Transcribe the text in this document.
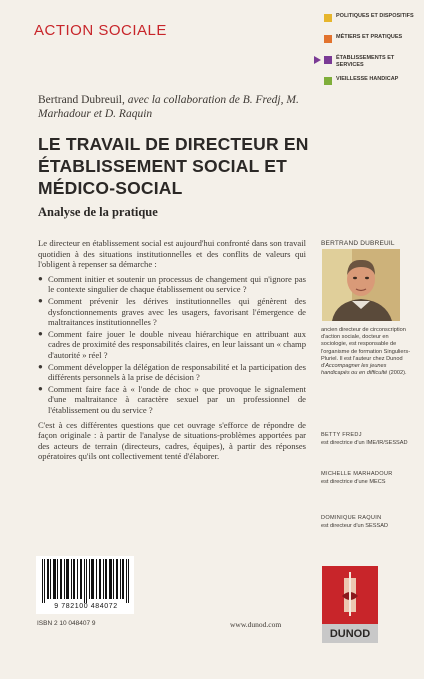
ACTION SOCIALE
POLITIQUES ET DISPOSITIFS
MÉTIERS ET PRATIQUES
ÉTABLISSEMENTS ET SERVICES
VIEILLESSE HANDICAP
Bertrand Dubreuil, avec la collaboration de B. Fredj, M. Marhadour et D. Raquin
LE TRAVAIL DE DIRECTEUR EN ÉTABLISSEMENT SOCIAL ET MÉDICO-SOCIAL
Analyse de la pratique

Le directeur en établissement social est aujourd'hui confronté dans son travail quotidien à des situations institutionnelles et des conflits de valeurs qui l'obligent à repenser sa démarche :

● Comment initier et soutenir un processus de changement qui n'ignore pas le contexte singulier de chaque établissement ou service ?
● Comment prévenir les dérives institutionnelles qui génèrent des dysfonctionnements graves avec les usagers, favorisant l'émergence de maltraitances institutionnelles ?
● Comment faire jouer le double niveau hiérarchique en attribuant aux cadres de proximité des responsabilités claires, en leur laissant un « champ d'autorité » réel ?
● Comment développer la délégation de responsabilité et la participation des différents personnels à la prise de décision ?
● Comment faire face à « l'onde de choc » que provoque le signalement d'une maltraitance à caractère sexuel par un professionnel de l'établissement ou du service ?

C'est à ces différentes questions que cet ouvrage s'efforce de répondre de façon originale : à partir de l'analyse de situations-problèmes apportées par des acteurs de terrain (directeurs, cadres, équipes), à partir des réponses opératoires qu'ils ont collectivement tenté d'élaborer.

BERTRAND DUBREUIL
ancien directeur de circonscription d'action sociale, docteur en sociologie, est responsable de l'organisme de formation Singuliers-Pluriel. Il est l'auteur chez Dunod d'Accompagner les jeunes handicapés ou en difficulté (2002).
BETTY FREDJ
est directrice d'un IME/IR/SESSAD
MICHELLE MARHADOUR
est directrice d'une MECS
DOMINIQUE RAQUIN
est directeur d'un SESSAD
9 782100 484072
ISBN 2 10 048407 9	www.dunod.com
DUNOD
